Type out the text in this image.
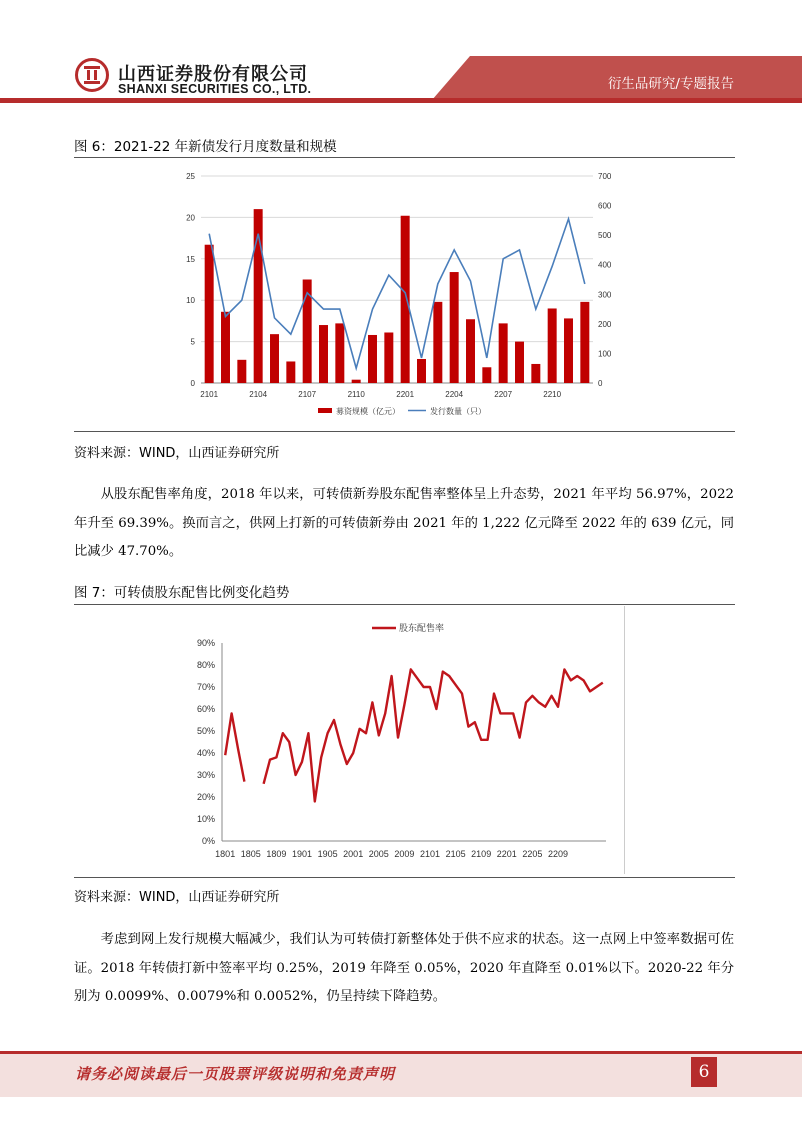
山西证券股份有限公司
SHANXI SECURITIES CO., LTD.	衍生品研究/专题报告
图 6：2021-22 年新债发行月度数量和规模
0
5
10
15
20
25
0
100
200
300
400
500
600
700
2101	2104	2107	2110	2201	2204	2207	2210
募资规模（亿元）	发行数量（只）
资料来源：WIND，山西证券研究所
从股东配售率角度，2018 年以来，可转债新券股东配售率整体呈上升态势，2021 年平均 56.97%，2022 年升至 69.39%。换而言之，供网上打新的可转债新券由 2021 年的 1,222 亿元降至 2022 年的 639 亿元，同比减少 47.70%。
图 7：可转债股东配售比例变化趋势
0%
10%
20%
30%
40%
50%
60%
70%
80%
90%
1801 1805 1809 1901 1905 2001 2005 2009 2101 2105 2109 2201 2205 2209
股东配售率
资料来源：WIND，山西证券研究所
考虑到网上发行规模大幅减少，我们认为可转债打新整体处于供不应求的状态。这一点网上中签率数据可佐证。2018 年转债打新中签率平均 0.25%，2019 年降至 0.05%，2020 年直降至 0.01%以下。2020-22 年分别为 0.0099%、0.0079%和 0.0052%，仍呈持续下降趋势。
请务必阅读最后一页股票评级说明和免责声明	6
